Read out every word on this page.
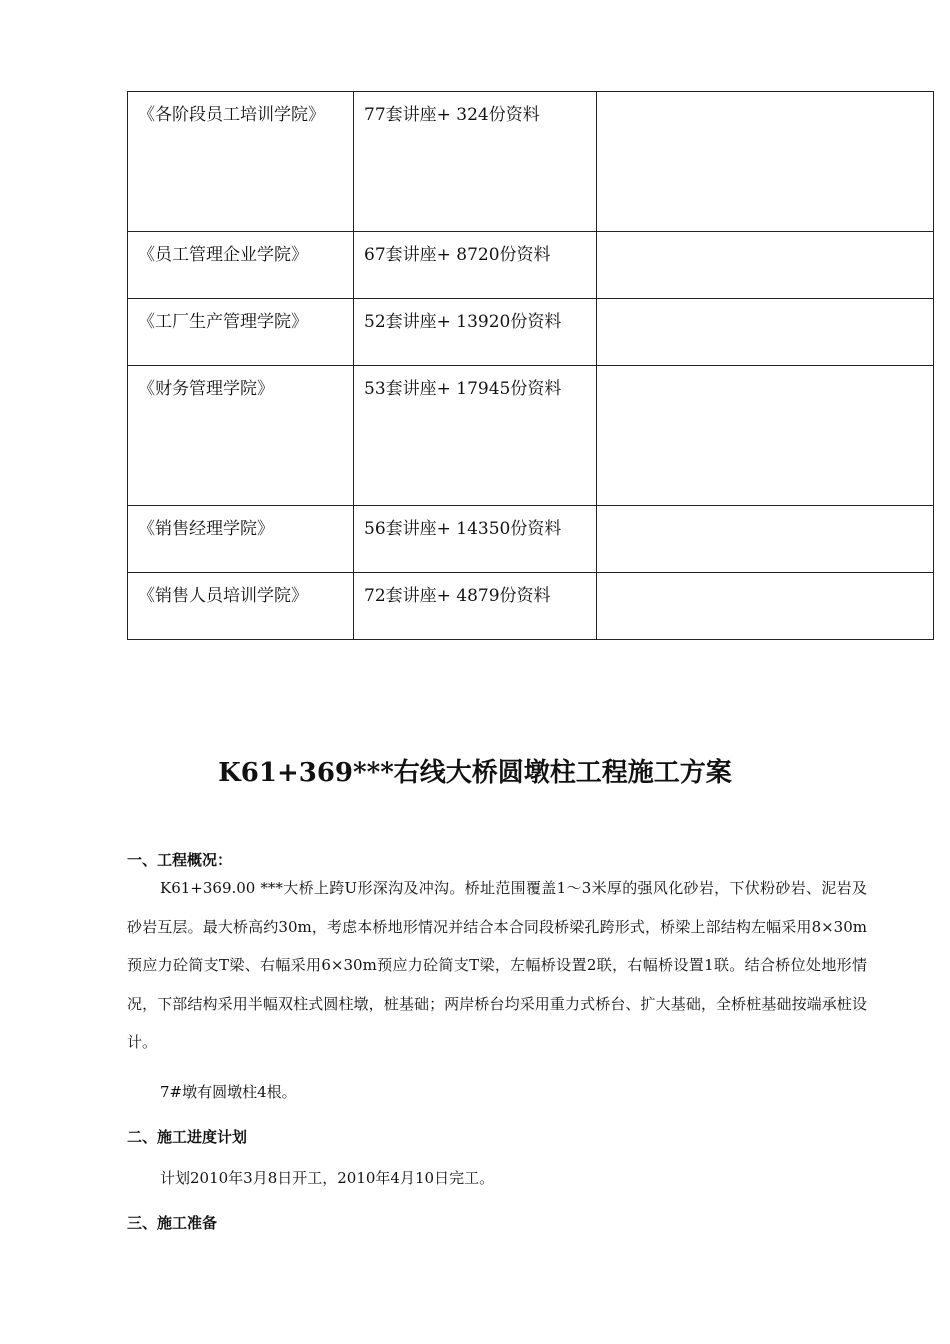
《各阶段员工培训学院》	77套讲座+ 324份资料	

《员工管理企业学院》	67套讲座+ 8720份资料	

《工厂生产管理学院》	52套讲座+ 13920份资料	

《财务管理学院》	53套讲座+ 17945份资料	

《销售经理学院》	56套讲座+ 14350份资料	

《销售人员培训学院》	72套讲座+ 4879份资料	

K61+369***右线大桥圆墩柱工程施工方案
一、工程概况：

K61+369.00 ***大桥上跨U形深沟及冲沟。桥址范围覆盖1～3米厚的强风化砂岩，下伏粉砂岩、泥岩及砂岩互层。最大桥高约30m，考虑本桥地形情况并结合本合同段桥梁孔跨形式，桥梁上部结构左幅采用8×30m预应力砼简支T梁、右幅采用6×30m预应力砼简支T梁，左幅桥设置2联，右幅桥设置1联。结合桥位处地形情况，下部结构采用半幅双柱式圆柱墩，桩基础；两岸桥台均采用重力式桥台、扩大基础，全桥桩基础按端承桩设计。

7#墩有圆墩柱4根。

二、施工进度计划

计划2010年3月8日开工，2010年4月10日完工。

三、施工准备
